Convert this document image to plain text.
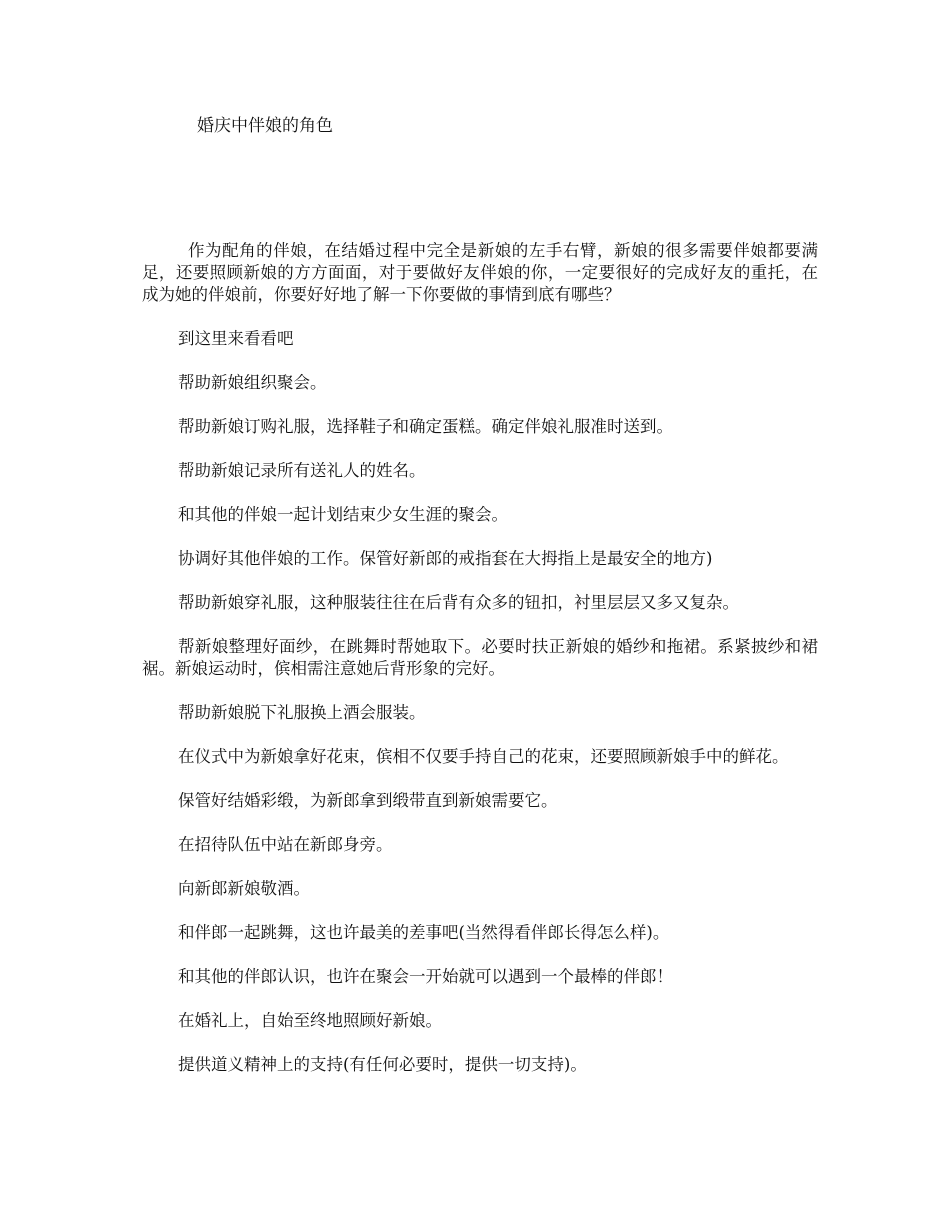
婚庆中伴娘的角色

作为配角的伴娘，在结婚过程中完全是新娘的左手右臂，新娘的很多需要伴娘都要满足，还要照顾新娘的方方面面，对于要做好友伴娘的你，一定要很好的完成好友的重托，在成为她的伴娘前，你要好好地了解一下你要做的事情到底有哪些？

到这里来看看吧

帮助新娘组织聚会。

帮助新娘订购礼服，选择鞋子和确定蛋糕。确定伴娘礼服准时送到。

帮助新娘记录所有送礼人的姓名。

和其他的伴娘一起计划结束少女生涯的聚会。

协调好其他伴娘的工作。保管好新郎的戒指套在大拇指上是最安全的地方)

帮助新娘穿礼服，这种服装往往在后背有众多的钮扣，衬里层层又多又复杂。

帮新娘整理好面纱，在跳舞时帮她取下。必要时扶正新娘的婚纱和拖裙。系紧披纱和裙裾。新娘运动时，傧相需注意她后背形象的完好。

帮助新娘脱下礼服换上酒会服装。

在仪式中为新娘拿好花束，傧相不仅要手持自己的花束，还要照顾新娘手中的鲜花。

保管好结婚彩缎，为新郎拿到缎带直到新娘需要它。

在招待队伍中站在新郎身旁。

向新郎新娘敬酒。

和伴郎一起跳舞，这也许最美的差事吧(当然得看伴郎长得怎么样)。

和其他的伴郎认识，也许在聚会一开始就可以遇到一个最棒的伴郎！

在婚礼上，自始至终地照顾好新娘。

提供道义精神上的支持(有任何必要时，提供一切支持)。
